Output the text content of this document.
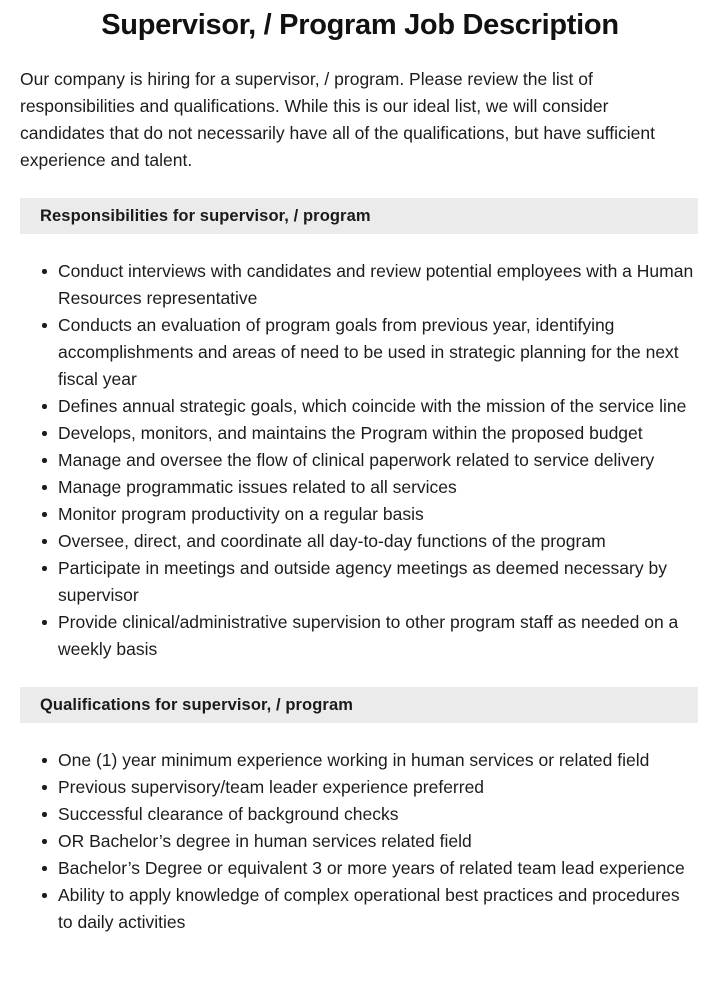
Supervisor, / Program Job Description

Our company is hiring for a supervisor, / program. Please review the list of responsibilities and qualifications. While this is our ideal list, we will consider candidates that do not necessarily have all of the qualifications, but have sufficient experience and talent.

Responsibilities for supervisor, / program
Conduct interviews with candidates and review potential employees with a Human Resources representative
Conducts an evaluation of program goals from previous year, identifying accomplishments and areas of need to be used in strategic planning for the next fiscal year
Defines annual strategic goals, which coincide with the mission of the service line
Develops, monitors, and maintains the Program within the proposed budget
Manage and oversee the flow of clinical paperwork related to service delivery
Manage programmatic issues related to all services
Monitor program productivity on a regular basis
Oversee, direct, and coordinate all day-to-day functions of the program
Participate in meetings and outside agency meetings as deemed necessary by supervisor
Provide clinical/administrative supervision to other program staff as needed on a weekly basis
Qualifications for supervisor, / program
One (1) year minimum experience working in human services or related field
Previous supervisory/team leader experience preferred
Successful clearance of background checks
OR Bachelor’s degree in human services related field
Bachelor’s Degree or equivalent 3 or more years of related team lead experience
Ability to apply knowledge of complex operational best practices and procedures to daily activities
